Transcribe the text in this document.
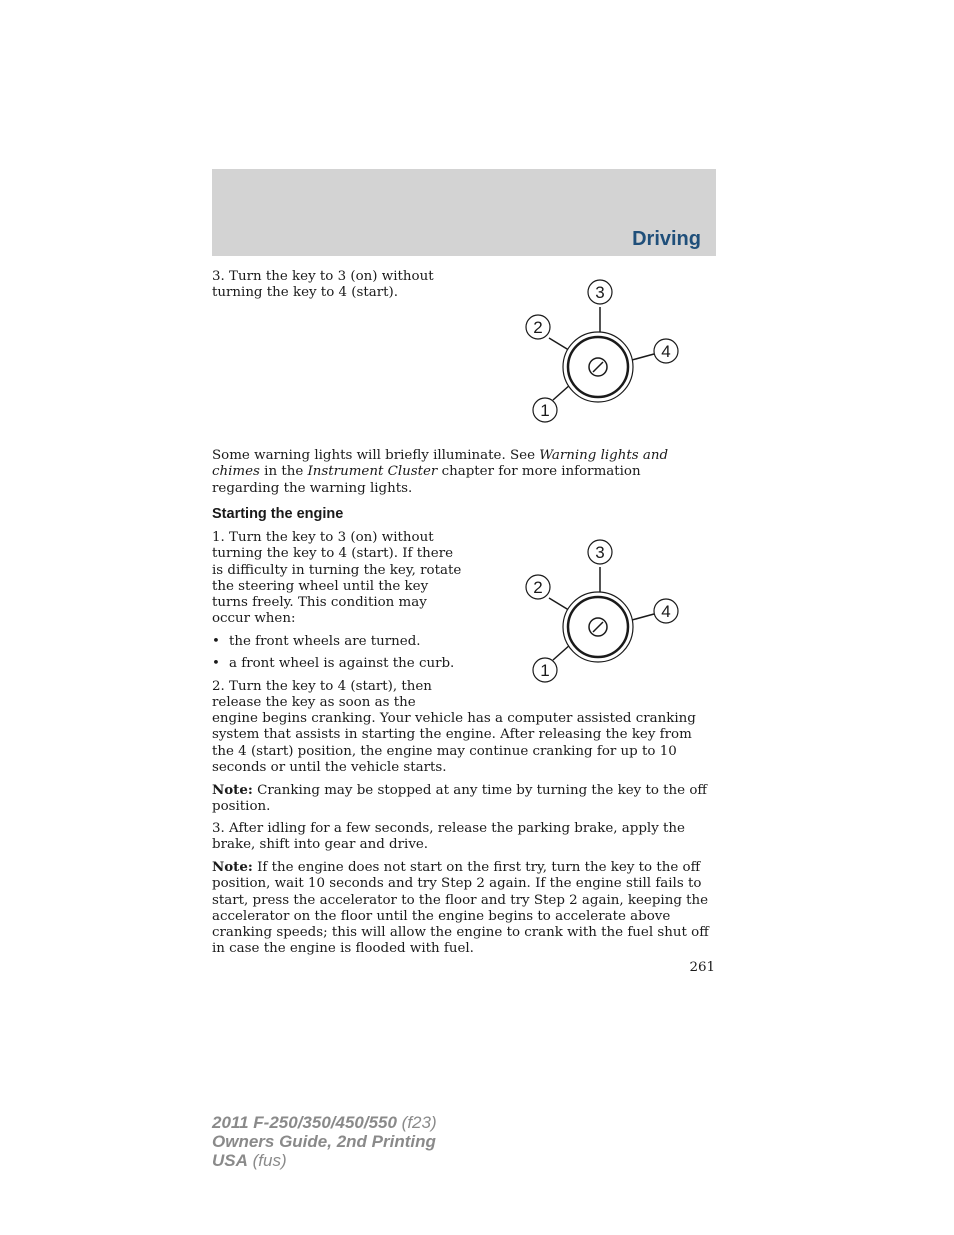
Driving

3. Turn the key to 3 (on) without turning the key to 4 (start).	3
2
4
1

Some warning lights will briefly illuminate. See Warning lights and chimes in the Instrument Cluster chapter for more information regarding the warning lights.

Starting the engine

1. Turn the key to 3 (on) without turning the key to 4 (start). If there is difficulty in turning the key, rotate the steering wheel until the key turns freely. This condition may occur when:

• the front wheels are turned.
• a front wheel is against the curb.
3
2
4
1

2. Turn the key to 4 (start), then release the key as soon as the

engine begins cranking. Your vehicle has a computer assisted cranking system that assists in starting the engine. After releasing the key from the 4 (start) position, the engine may continue cranking for up to 10 seconds or until the vehicle starts.

Note: Cranking may be stopped at any time by turning the key to the off position.

3. After idling for a few seconds, release the parking brake, apply the brake, shift into gear and drive.

Note: If the engine does not start on the first try, turn the key to the off position, wait 10 seconds and try Step 2 again. If the engine still fails to start, press the accelerator to the floor and try Step 2 again, keeping the accelerator on the floor until the engine begins to accelerate above cranking speeds; this will allow the engine to crank with the fuel shut off in case the engine is flooded with fuel.

261
2011 F-250/350/450/550 (f23)
Owners Guide, 2nd Printing
USA (fus)
